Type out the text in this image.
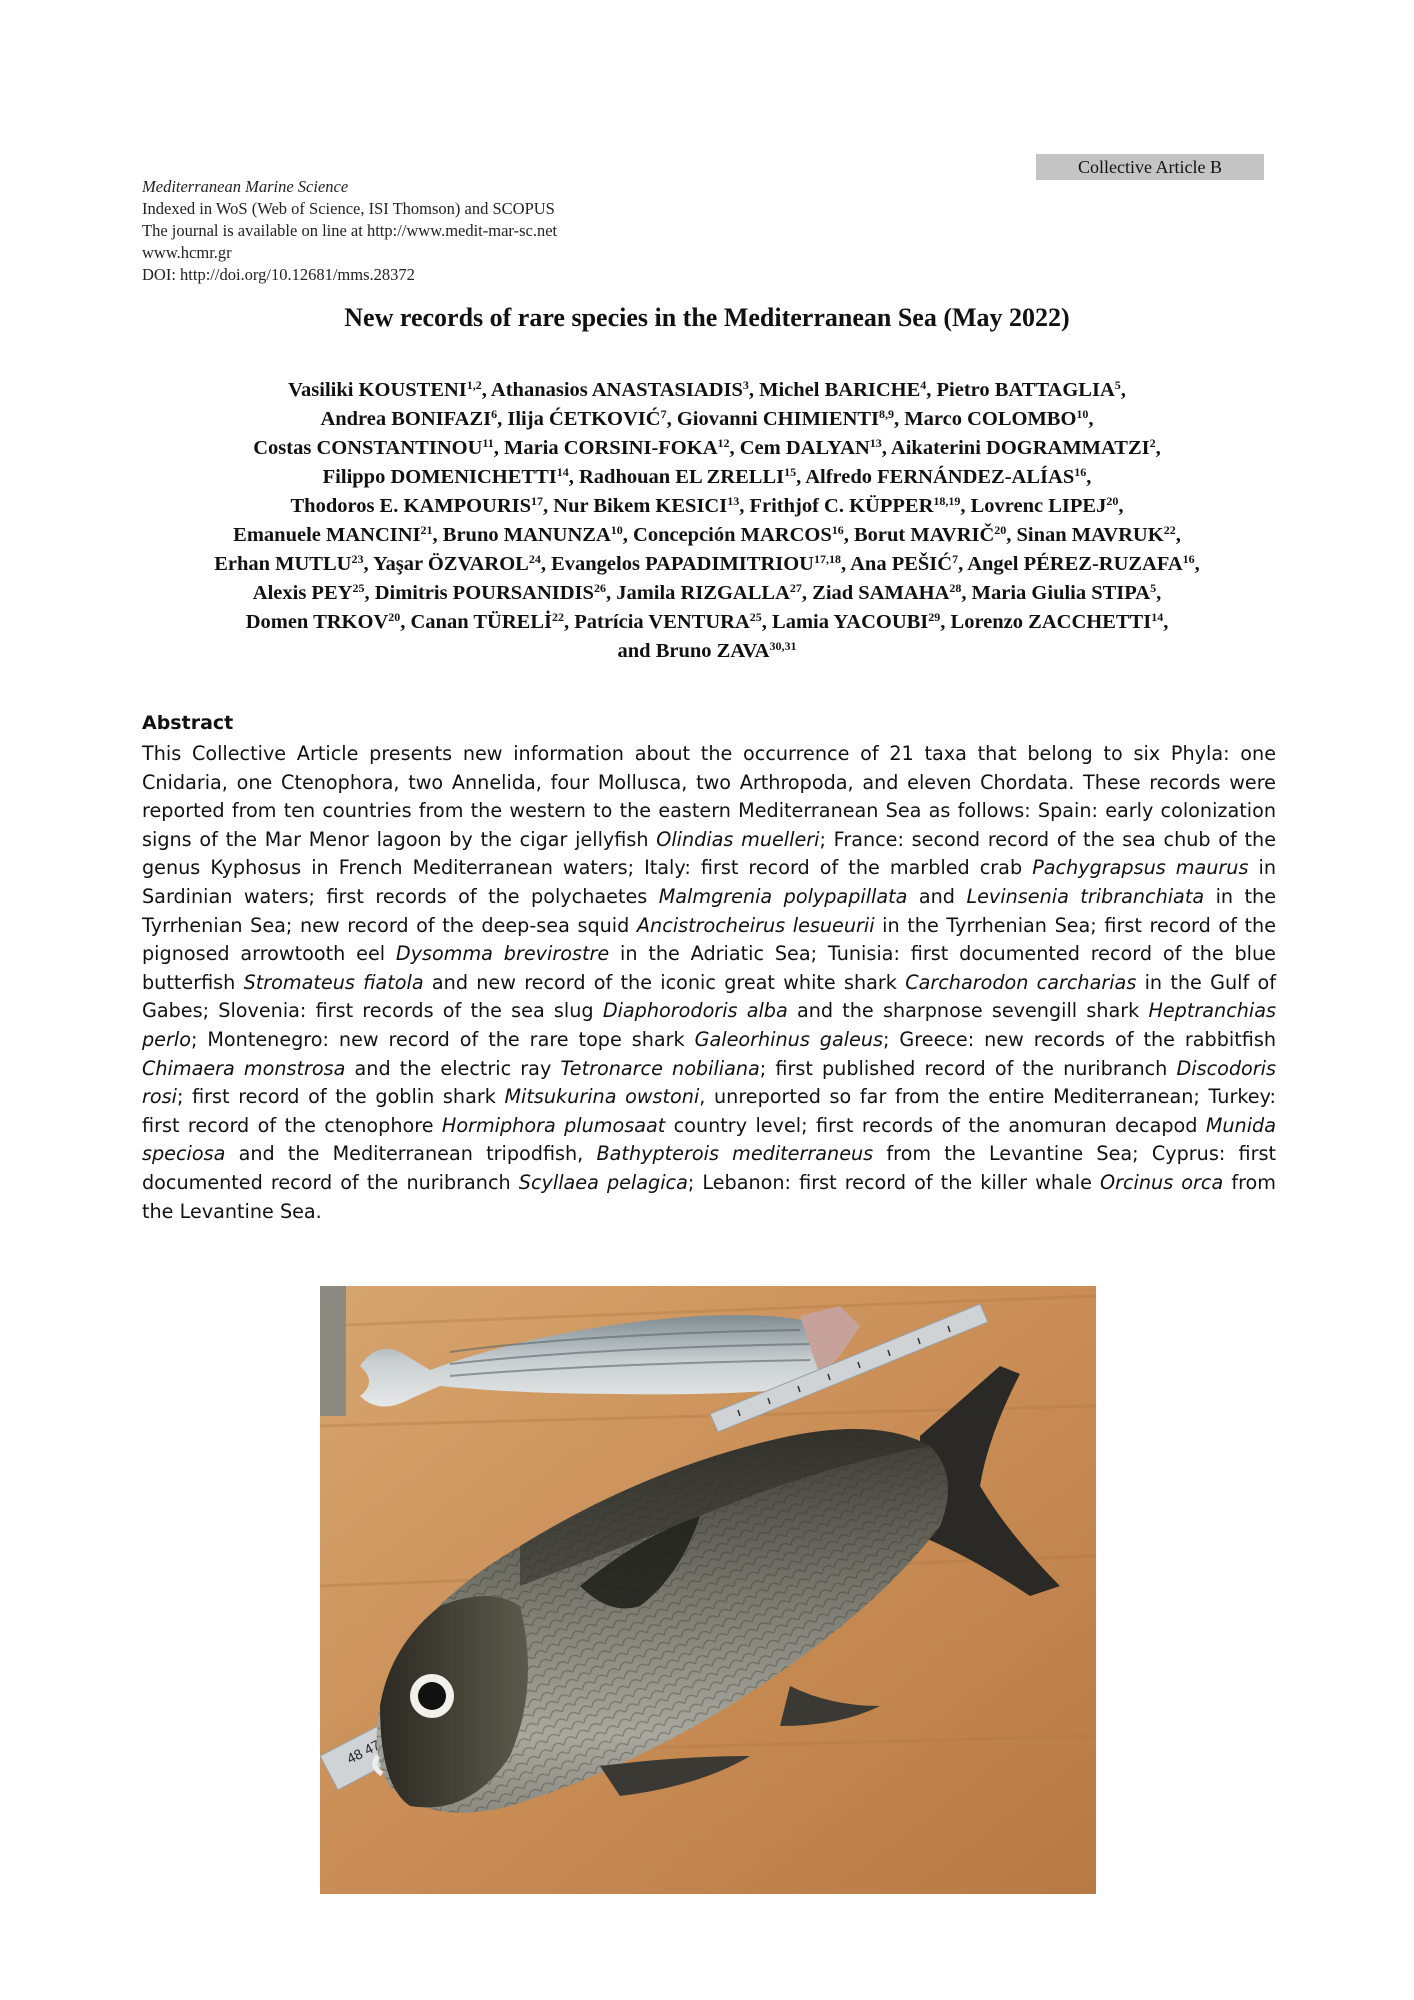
Collective Article B
Mediterranean Marine Science
Indexed in WoS (Web of Science, ISI Thomson) and SCOPUS
The journal is available on line at http://www.medit-mar-sc.net
www.hcmr.gr
DOI: http://doi.org/10.12681/mms.28372
New records of rare species in the Mediterranean Sea (May 2022)
Vasiliki KOUSTENI$^{1,2}$, Athanasios ANASTASIADIS$^3$, Michel BARICHE$^4$, Pietro BATTAGLIA$^5$,
Andrea BONIFAZI$^6$, Ilija ĆETKOVIĆ$^7$, Giovanni CHIMIENTI$^{8,9}$, Marco COLOMBO$^{10}$,
Costas CONSTANTINOU$^{11}$, Maria CORSINI-FOKA$^{12}$, Cem DALYAN$^{13}$, Aikaterini DOGRAMMATZI$^2$,
Filippo DOMENICHETTI$^{14}$, Radhouan EL ZRELLI$^{15}$, Alfredo FERNÁNDEZ-ALÍAS$^{16}$,
Thodoros E. KAMPOURIS$^{17}$, Nur Bikem KESICI$^{13}$, Frithjof C. KÜPPER$^{18,19}$, Lovrenc LIPEJ$^{20}$,
Emanuele MANCINI$^{21}$, Bruno MANUNZA$^{10}$, Concepción MARCOS$^{16}$, Borut MAVRIČ$^{20}$, Sinan MAVRUK$^{22}$,
Erhan MUTLU$^{23}$, Yaşar ÖZVAROL$^{24}$, Evangelos PAPADIMITRIOU$^{17,18}$, Ana PEŠIĆ$^7$, Angel PÉREZ-RUZAFA$^{16}$,
Alexis PEY$^{25}$, Dimitris POURSANIDIS$^{26}$, Jamila RIZGALLA$^{27}$, Ziad SAMAHA$^{28}$, Maria Giulia STIPA$^5$,
Domen TRKOV$^{20}$, Canan TÜRELİ$^{22}$, Patrícia VENTURA$^{25}$, Lamia YACOUBI$^{29}$, Lorenzo ZACCHETTI$^{14}$,
and Bruno ZAVA$^{30,31}$
Abstract
This Collective Article presents new information about the occurrence of 21 taxa that belong to six Phyla: one Cnidaria, one Ctenophora, two Annelida, four Mollusca, two Arthropoda, and eleven Chordata. These records were reported from ten countries from the western to the eastern Mediterranean Sea as follows: Spain: early colonization signs of the Mar Menor lagoon by the cigar jellyfish Olindias muelleri; France: second record of the sea chub of the genus Kyphosus in French Mediterranean waters; Italy: first record of the marbled crab Pachygrapsus maurus in Sardinian waters; first records of the polychaetes Malmgrenia polypapillata and Levinsenia tribranchiata in the Tyrrhenian Sea; new record of the deep-sea squid Ancistrocheirus lesueurii in the Tyrrhenian Sea; first record of the pignosed arrowtooth eel Dysomma brevirostre in the Adriatic Sea; Tunisia: first documented record of the blue butterfish Stromateus fiatola and new record of the iconic great white shark Carcharodon carcharias in the Gulf of Gabes; Slovenia: first records of the sea slug Diaphorodoris alba and the sharpnose sevengill shark Heptranchias perlo; Montenegro: new record of the rare tope shark Galeorhinus galeus; Greece: new records of the rabbitfish Chimaera monstrosa and the electric ray Tetronarce nobiliana; first published record of the nuribranch Discodoris rosi; first record of the goblin shark Mitsukurina owstoni, unreported so far from the entire Mediterranean; Turkey: first record of the ctenophore Hormiphora plumosaat country level; first records of the anomuran decapod Munida speciosa and the Mediterranean tripodfish, Bathypterois mediterraneus from the Levantine Sea; Cyprus: first documented record of the nuribranch Scyllaea pelagica; Lebanon: first record of the killer whale Orcinus orca from the Levantine Sea.
48 47
